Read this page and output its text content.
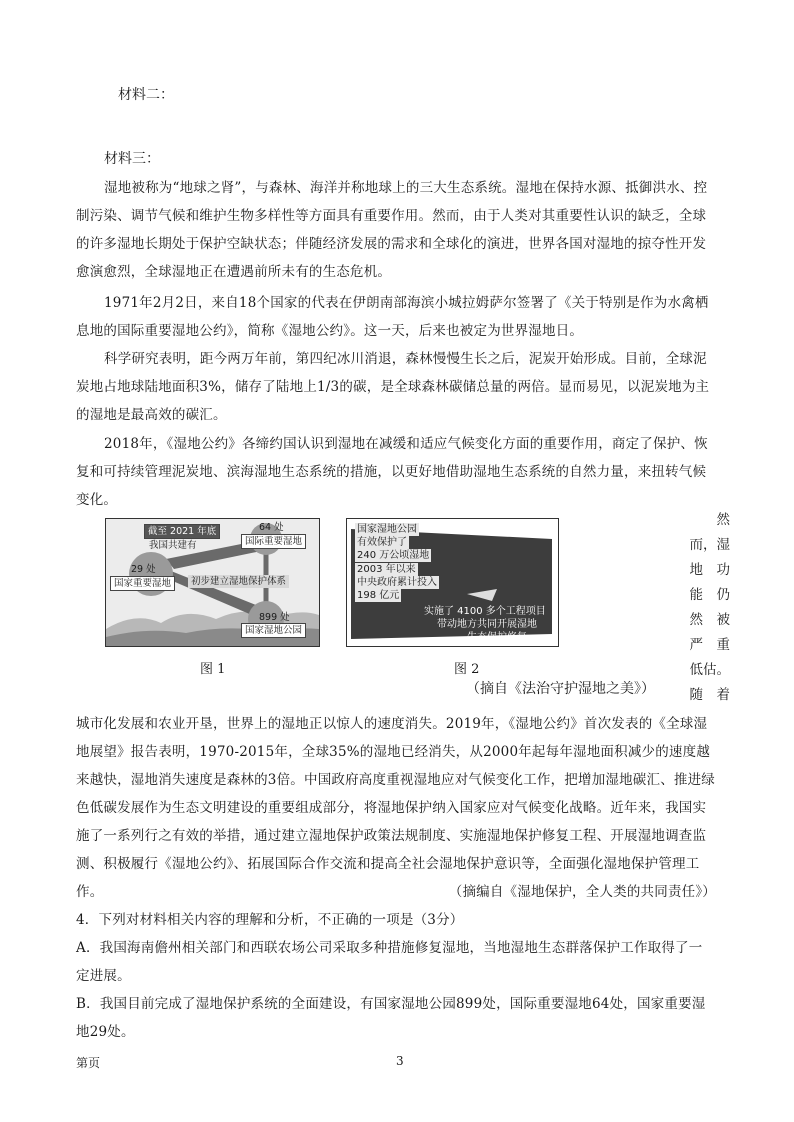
材料二：
材料三：
湿地被称为“地球之肾”，与森林、海洋并称地球上的三大生态系统。湿地在保持水源、抵御洪水、控制污染、调节气候和维护生物多样性等方面具有重要作用。然而，由于人类对其重要性认识的缺乏，全球的许多湿地长期处于保护空缺状态；伴随经济发展的需求和全球化的演进，世界各国对湿地的掠夺性开发愈演愈烈，全球湿地正在遭遇前所未有的生态危机。
1971年2月2日，来自18个国家的代表在伊朗南部海滨小城拉姆萨尔签署了《关于特别是作为水禽栖息地的国际重要湿地公约》，简称《湿地公约》。这一天，后来也被定为世界湿地日。
科学研究表明，距今两万年前，第四纪冰川消退，森林慢慢生长之后，泥炭开始形成。目前，全球泥炭地占地球陆地面积3%，储存了陆地上1/3的碳，是全球森林碳储总量的两倍。显而易见，以泥炭地为主的湿地是最高效的碳汇。
2018年，《湿地公约》各缔约国认识到湿地在减缓和适应气候变化方面的重要作用，商定了保护、恢复和可持续管理泥炭地、滨海湿地生态系统的措施，以更好地借助湿地生态系统的自然力量，来扭转气候变化。
截至 2021 年底
我国共建有
64 处
国际重要湿地
29 处
国家重要湿地	初步建立湿地保护体系
899 处
国家湿地公园
图 1
国家湿地公园
有效保护了
240 万公顷湿地
2003 年以来
中央政府累计投入
198 亿元
实施了 4100 多个工程项目
带动地方共同开展湿地
生态保护修复
图 2
（摘自《法治守护湿地之美》）
然
而，湿
地　功
能　仍
然　被
严　重
低估。
随　着
城市化发展和农业开垦，世界上的湿地正以惊人的速度消失。2019年，《湿地公约》首次发表的《全球湿地展望》报告表明，1970-2015年，全球35%的湿地已经消失，从2000年起每年湿地面积减少的速度越来越快，湿地消失速度是森林的3倍。中国政府高度重视湿地应对气候变化工作，把增加湿地碳汇、推进绿色低碳发展作为生态文明建设的重要组成部分，将湿地保护纳入国家应对气候变化战略。近年来，我国实施了一系列行之有效的举措，通过建立湿地保护政策法规制度、实施湿地保护修复工程、开展湿地调查监测、积极履行《湿地公约》、拓展国际合作交流和提高全社会湿地保护意识等，全面强化湿地保护管理工作。	（摘编自《湿地保护，全人类的共同责任》）
4．下列对材料相关内容的理解和分析，不正确的一项是（3分）
A．我国海南儋州相关部门和西联农场公司采取多种措施修复湿地，当地湿地生态群落保护工作取得了一定进展。
B．我国目前完成了湿地保护系统的全面建设，有国家湿地公园899处，国际重要湿地64处，国家重要湿地29处。
第页	3
